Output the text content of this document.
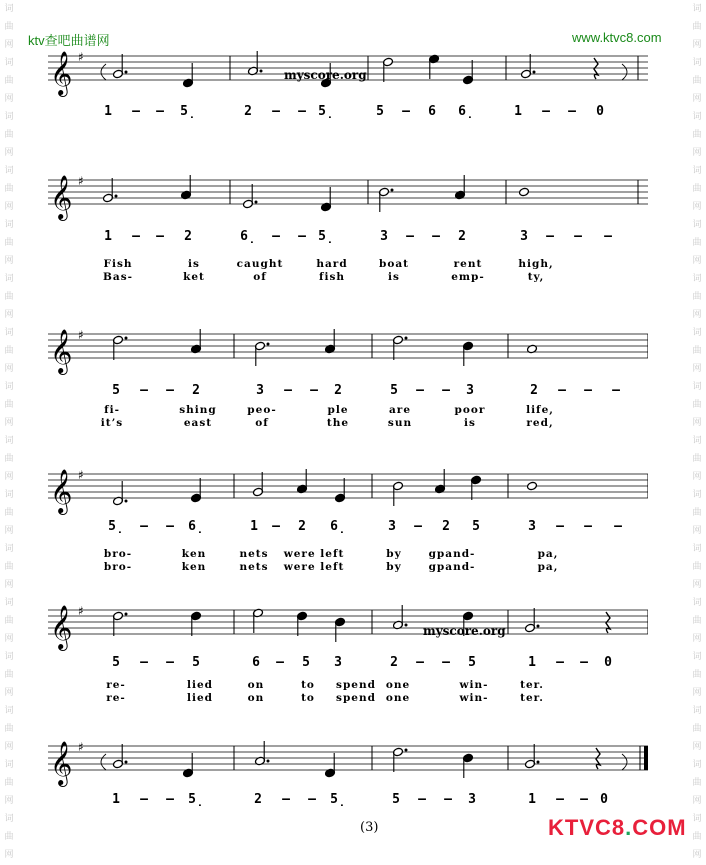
ktv查吧曲谱网	www.ktvc8.com
词
曲
网
词
曲
网
词
曲
网
词
曲
网
词
曲
网
词
曲
网
词
曲
网
词
曲
网
词
曲
网
词
曲
网
词
曲
网
词
曲
网
词
曲
网
词
曲
网
词
曲
网
词
曲
网
词
曲
网
词
曲
网
词
曲
网
词
曲
网
词
曲
网
词
曲
网
词
曲
网
词
曲
网
词
曲
网
词
曲
网
词
曲
网
词
曲
网
词
曲
网
词
曲
网
词
曲
网
词
曲
网
𝄞 ♯
1 – – 5̣	2 – – 5̣	5 – 6 6̣	1 – – 0
myscore.org
𝄞 ♯
1 – – 2	6̣ – – 5̣	3 – – 2	3 – – –
Fish	is	caught	hard	boat	rent	high,
Bas-	ket	of	fish	is	emp-	ty,
𝄞 ♯
5 – – 2	3 – – 2	5 – – 3	2 – – –
fi-	shing	peo-	ple	are	poor	life,
it’s	east	of	the	sun	is	red,
𝄞 ♯
5̣ – – 6̣	1 – 2 6̣	3 – 2 5	3 – – –
bro-	ken	nets were left	by	gpand-	pa,
bro-	ken	nets were left	by	gpand-	pa,
𝄞 ♯
5 – – 5	6 – 5 3	2 – – 5	1 – – 0
re-	lied	on	to spend one	win-	ter.
re-	lied	on	to spend one	win-	ter.
myscore.org
𝄞 ♯
1 – – 5̣	2 – – 5̣	5 – – 3	1 – – 0
(3)	KTVC8.COM
